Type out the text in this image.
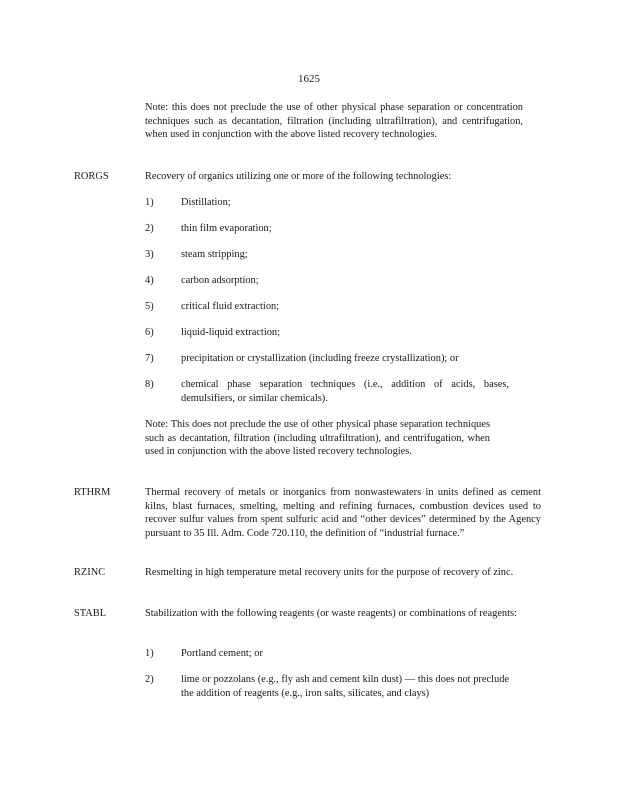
1625
Note: this does not preclude the use of other physical phase separation or concentration techniques such as decantation, filtration (including ultrafiltration), and centrifugation, when used in conjunction with the above listed recovery technologies.
RORGS	Recovery of organics utilizing one or more of the following technologies:
1)	Distillation;
2)	thin film evaporation;
3)	steam stripping;
4)	carbon adsorption;
5)	critical fluid extraction;
6)	liquid-liquid extraction;
7)	precipitation or crystallization (including freeze crystallization); or
8)	chemical phase separation techniques (i.e., addition of acids, bases, demulsifiers, or similar chemicals).
Note: This does not preclude the use of other physical phase separation techniques such as decantation, filtration (including ultrafiltration), and centrifugation, when used in conjunction with the above listed recovery technologies.
RTHRM	Thermal recovery of metals or inorganics from nonwastewaters in units defined as cement kilns, blast furnaces, smelting, melting and refining furnaces, combustion devices used to recover sulfur values from spent sulfuric acid and “other devices” determined by the Agency pursuant to 35 Ill. Adm. Code 720.110, the definition of “industrial furnace.”
RZINC	Resmelting in high temperature metal recovery units for the purpose of recovery of zinc.
STABL	Stabilization with the following reagents (or waste reagents) or combinations of reagents:
1)	Portland cement; or
2)	lime or pozzolans (e.g., fly ash and cement kiln dust) — this does not preclude the addition of reagents (e.g., iron salts, silicates, and clays)
